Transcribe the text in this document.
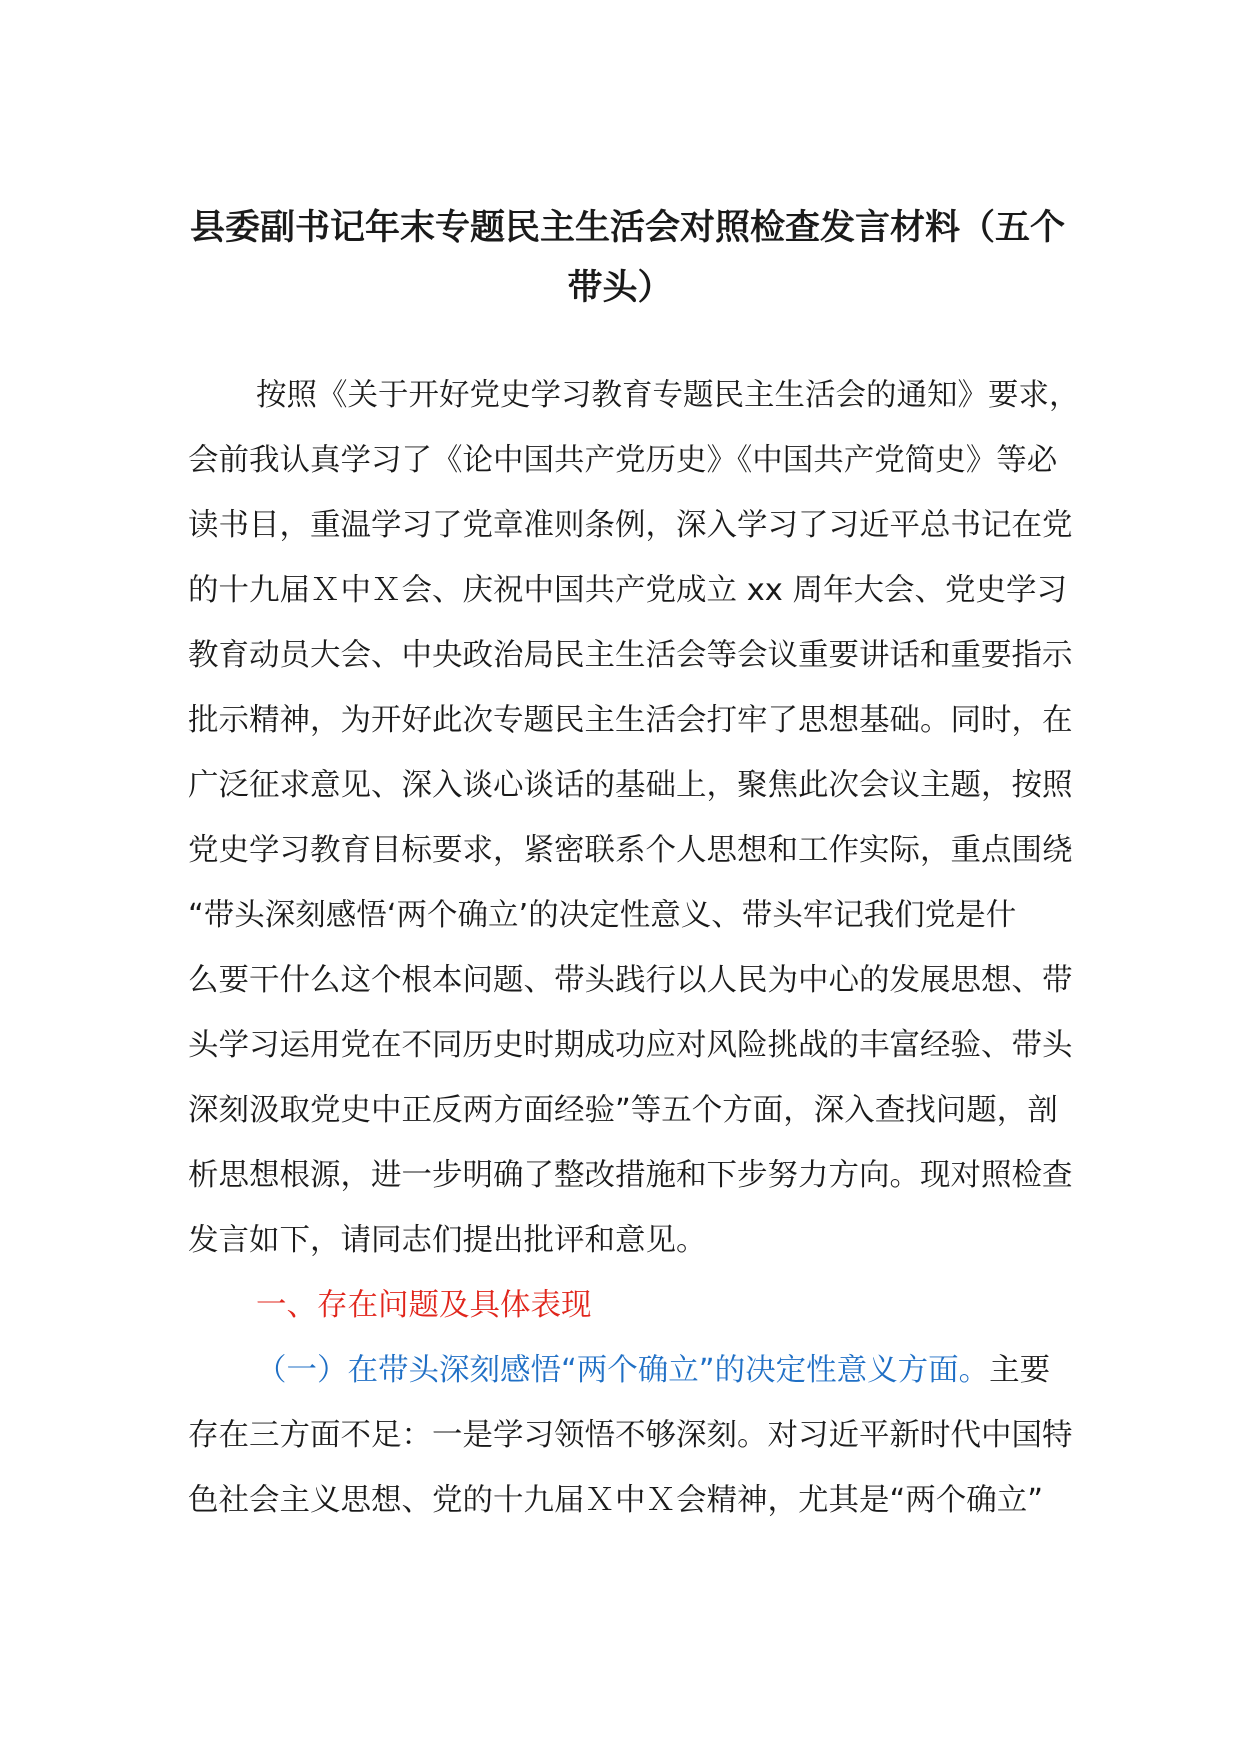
县委副书记年末专题民主生活会对照检查发言材料（五个
带头）
按照《关于开好党史学习教育专题民主生活会的通知》要求，
会前我认真学习了《论中国共产党历史》《中国共产党简史》等必
读书目，重温学习了党章准则条例，深入学习了习近平总书记在党
的十九届Ｘ中Ｘ会、庆祝中国共产党成立 xx 周年大会、党史学习
教育动员大会、中央政治局民主生活会等会议重要讲话和重要指示
批示精神，为开好此次专题民主生活会打牢了思想基础。同时，在
广泛征求意见、深入谈心谈话的基础上，聚焦此次会议主题，按照
党史学习教育目标要求，紧密联系个人思想和工作实际，重点围绕
“带头深刻感悟‘两个确立’的决定性意义、带头牢记我们党是什
么要干什么这个根本问题、带头践行以人民为中心的发展思想、带
头学习运用党在不同历史时期成功应对风险挑战的丰富经验、带头
深刻汲取党史中正反两方面经验”等五个方面，深入查找问题，剖
析思想根源，进一步明确了整改措施和下步努力方向。现对照检查
发言如下，请同志们提出批评和意见。
一、存在问题及具体表现
（一）在带头深刻感悟“两个确立”的决定性意义方面。主要
存在三方面不足：一是学习领悟不够深刻。对习近平新时代中国特
色社会主义思想、党的十九届Ｘ中Ｘ会精神，尤其是“两个确立”
